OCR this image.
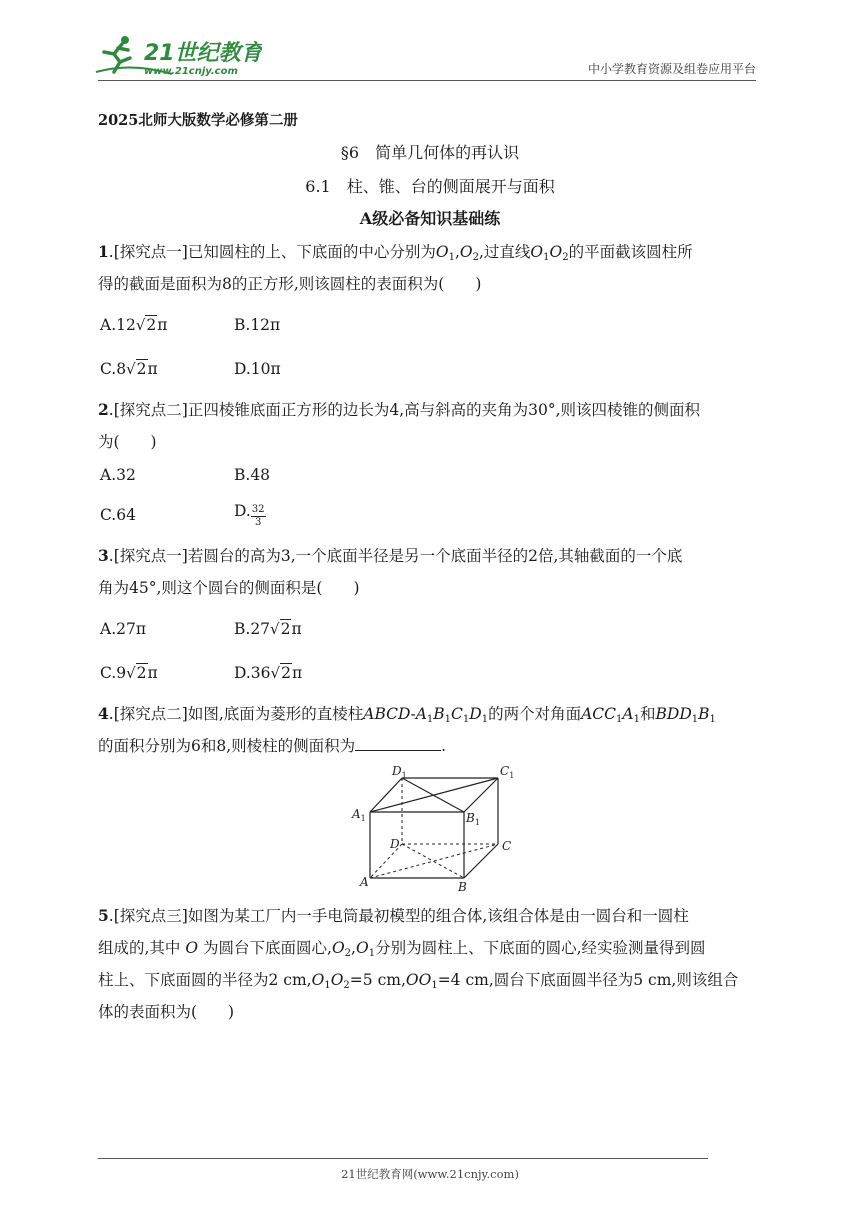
21世纪教育
www.21cnjy.com	中小学教育资源及组卷应用平台
2025北师大版数学必修第二册
§6　简单几何体的再认识
6.1　柱、锥、台的侧面展开与面积
A级必备知识基础练
1.[探究点一]已知圆柱的上、下底面的中心分别为$O_1,O_2$,过直线$O_1O_2$的平面截该圆柱所
得的截面是面积为8的正方形,则该圆柱的表面积为(　　)
A.12√2π	B.12π
C.8√2π	D.10π
2.[探究点二]正四棱锥底面正方形的边长为4,高与斜高的夹角为30°,则该四棱锥的侧面积
为(　　)
A.32	B.48
C.64	D. $\frac{32}{3}$
3.[探究点一]若圆台的高为3,一个底面半径是另一个底面半径的2倍,其轴截面的一个底
角为45°,则这个圆台的侧面积是(　　)
A.27π	B.27√2π
C.9√2π	D.36√2π
4.[探究点二]如图,底面为菱形的直棱柱ABCD-$A_1B_1C_1D_1$的两个对角面$ACC_1A_1$和$BDD_1B_1$
的面积分别为6和8,则棱柱的侧面积为	.
$D_1$	$C_1$
$A_1$	$B_1$
D	C
A	B
5.[探究点三]如图为某工厂内一手电筒最初模型的组合体,该组合体是由一圆台和一圆柱
组成的,其中 O 为圆台下底面圆心$,O_2,O_1$分别为圆柱上、下底面的圆心,经实验测量得到圆
柱上、下底面圆的半径为2 $cm,O_1O_2=5$ $cm,OO_1=4$ cm,圆台下底面圆半径为5 cm,则该组合
体的表面积为(　　)
21世纪教育网(www.21cnjy.com)
